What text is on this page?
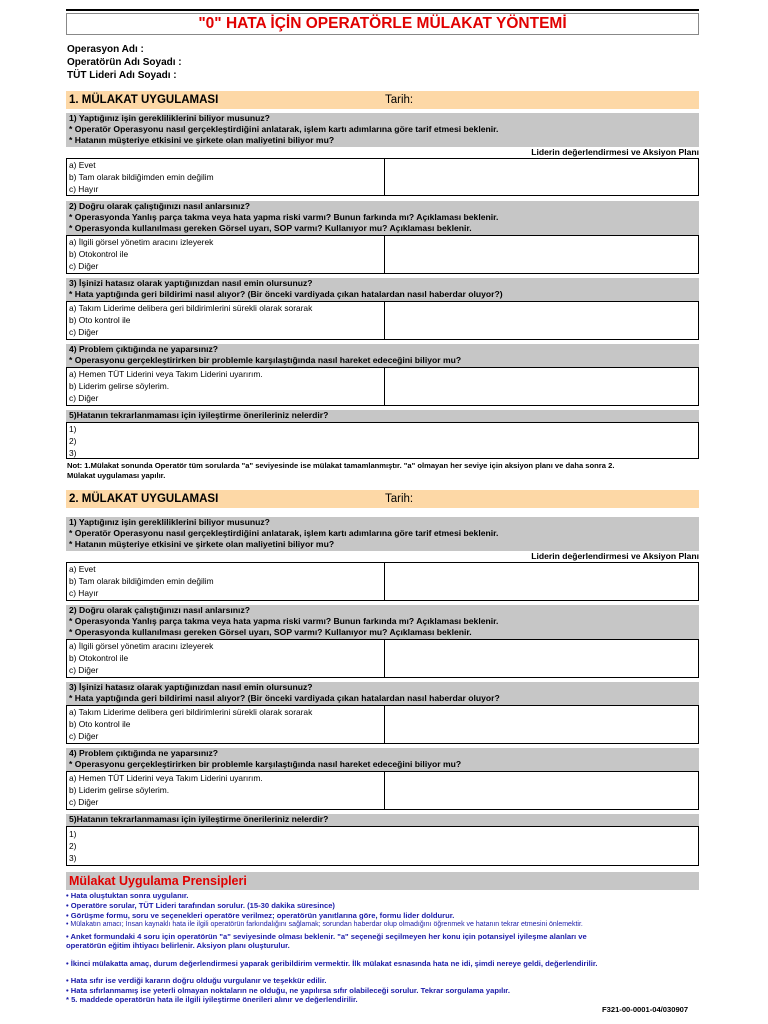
"0" HATA İÇİN OPERATÖRLE MÜLAKAT YÖNTEMİ
Operasyon Adı :
Operatörün Adı Soyadı :
TÜT Lideri Adı Soyadı :
1. MÜLAKAT UYGULAMASI	Tarih:
1) Yaptığınız işin gerekliliklerini biliyor musunuz?
* Operatör Operasyonu nasıl gerçekleştirdiğini anlatarak, işlem kartı adımlarına göre tarif etmesi beklenir.
* Hatanın müşteriye etkisini ve şirkete olan maliyetini biliyor mu?
Liderin değerlendirmesi ve Aksiyon Planı
a) Evet
b) Tam olarak bildiğimden emin değilim
c) Hayır
2) Doğru olarak çalıştığınızı nasıl anlarsınız?
* Operasyonda Yanlış parça takma veya hata yapma riski varmı? Bunun farkında mı? Açıklaması beklenir.
* Operasyonda kullanılması gereken Görsel uyarı, SOP varmı? Kullanıyor mu? Açıklaması beklenir.
a) İlgili görsel yönetim aracını izleyerek
b) Otokontrol ile
c) Diğer
3) İşinizi hatasız olarak yaptığınızdan nasıl emin olursunuz?
* Hata yaptığında geri bildirimi nasıl alıyor? (Bir önceki vardiyada çıkan hatalardan nasıl haberdar oluyor?)
a) Takım Liderime delibera geri bildirimlerini sürekli olarak sorarak
b) Oto kontrol ile
c) Diğer
4) Problem çıktığında ne yaparsınız?
* Operasyonu gerçekleştirirken bir problemle karşılaştığında nasıl hareket edeceğini biliyor mu?
a) Hemen TÜT Liderini veya Takım Liderini uyarırım.
b) Liderim gelirse söylerim.
c) Diğer
5)Hatanın tekrarlanmaması için iyileştirme önerileriniz nelerdir?
1)
2)
3)
Not: 1.Mülakat sonunda Operatör tüm sorularda "a" seviyesinde ise mülakat tamamlanmıştır. "a" olmayan her seviye için aksiyon planı ve daha sonra 2.
Mülakat uygulaması yapılır.
2. MÜLAKAT UYGULAMASI	Tarih:
1) Yaptığınız işin gerekliliklerini biliyor musunuz?
* Operatör Operasyonu nasıl gerçekleştirdiğini anlatarak, işlem kartı adımlarına göre tarif etmesi beklenir.
* Hatanın müşteriye etkisini ve şirkete olan maliyetini biliyor mu?
Liderin değerlendirmesi ve Aksiyon Planı
a) Evet
b) Tam olarak bildiğimden emin değilim
c) Hayır
2) Doğru olarak çalıştığınızı nasıl anlarsınız?
* Operasyonda Yanlış parça takma veya hata yapma riski varmı? Bunun farkında mı? Açıklaması beklenir.
* Operasyonda kullanılması gereken Görsel uyarı, SOP varmı? Kullanıyor mu? Açıklaması beklenir.
a) İlgili görsel yönetim aracını izleyerek
b) Otokontrol ile
c) Diğer
3) İşinizi hatasız olarak yaptığınızdan nasıl emin olursunuz?
* Hata yaptığında geri bildirimi nasıl alıyor? (Bir önceki vardiyada çıkan hatalardan nasıl haberdar oluyor?
a) Takım Liderime delibera geri bildirimlerini sürekli olarak sorarak
b) Oto kontrol ile
c) Diğer
4) Problem çıktığında ne yaparsınız?
* Operasyonu gerçekleştirirken bir problemle karşılaştığında nasıl hareket edeceğini biliyor mu?
a) Hemen TÜT Liderini veya Takım Liderini uyarırım.
b) Liderim gelirse söylerim.
c) Diğer
5)Hatanın tekrarlanmaması için iyileştirme önerileriniz nelerdir?
1)
2)
3)
Mülakat Uygulama Prensipleri
• Hata oluştuktan sonra uygulanır.
• Operatöre sorular, TÜT Lideri tarafından sorulur. (15-30 dakika süresince)
• Görüşme formu, soru ve seçenekleri operatöre verilmez; operatörün yanıtlarına göre, formu lider doldurur.
• Mülakatın amacı; İnsan kaynaklı hata ile ilgili operatörün farkındalığını sağlamak; sorundan haberdar olup olmadığını öğrenmek ve hatanın tekrar etmesini önlemektir.
• Anket formundaki 4 soru için operatörün "a" seviyesinde olması beklenir. "a" seçeneği seçilmeyen her konu için potansiyel iyileşme alanları ve
operatörün eğitim ihtiyacı belirlenir. Aksiyon planı oluşturulur.
• İkinci mülakatta amaç, durum değerlendirmesi yaparak geribildirim vermektir. İlk mülakat esnasında hata ne idi, şimdi nereye geldi, değerlendirilir.
• Hata sıfır ise verdiği kararın doğru olduğu vurgulanır ve teşekkür edilir.
• Hata sıfırlanmamış ise yeterli olmayan noktaların ne olduğu, ne yapılırsa sıfır olabileceği sorulur. Tekrar sorgulama yapılır.
* 5. maddede operatörün hata ile ilgili iyileştirme önerileri alınır ve değerlendirilir.
F321-00-0001-04/030907
